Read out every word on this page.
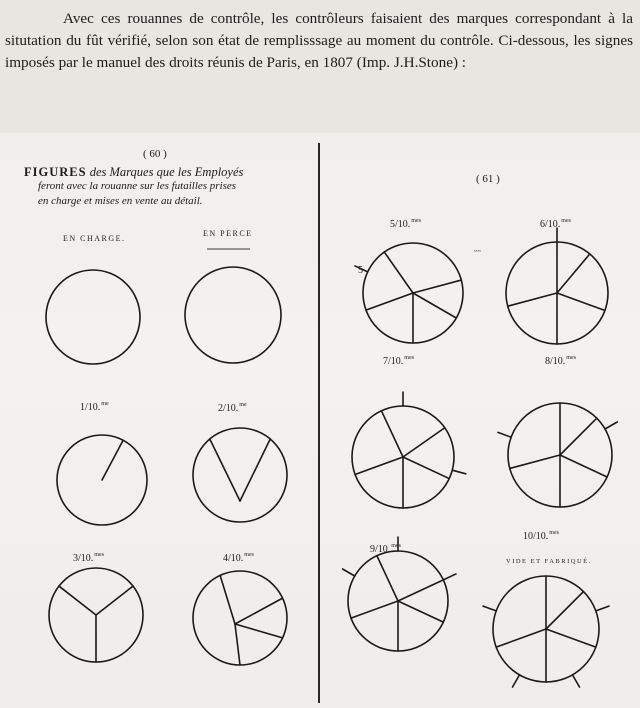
Avec ces rouannes de contrôle, les contrôleurs faisaient des marques correspondant à la situtation du fût vérifié, selon son état de remplisssage au moment du contrôle. Ci-dessous, les signes imposés par le manuel des droits réunis de Paris, en 1807 (Imp. J.H.Stone) :
( 60 )
FIGURES des Marques que les Employés
feront avec la rouanne sur les futailles prises
en charge et mises en vente au détail.
EN CHARGE.
EN PERCE
( 61 )
5
ₓₓₓₓ
1/10.$^{me}$	2/10.$^{me}$
3/10.$^{mes}$	4/10.$^{mes}$
5/10.$^{mes}$	6/10.$^{mes}$
7/10.$^{mes}$	8/10.$^{mes}$
9/10.$^{mes}$
10/10.$^{mes}$
VIDE ET FABRIQUÉ.
